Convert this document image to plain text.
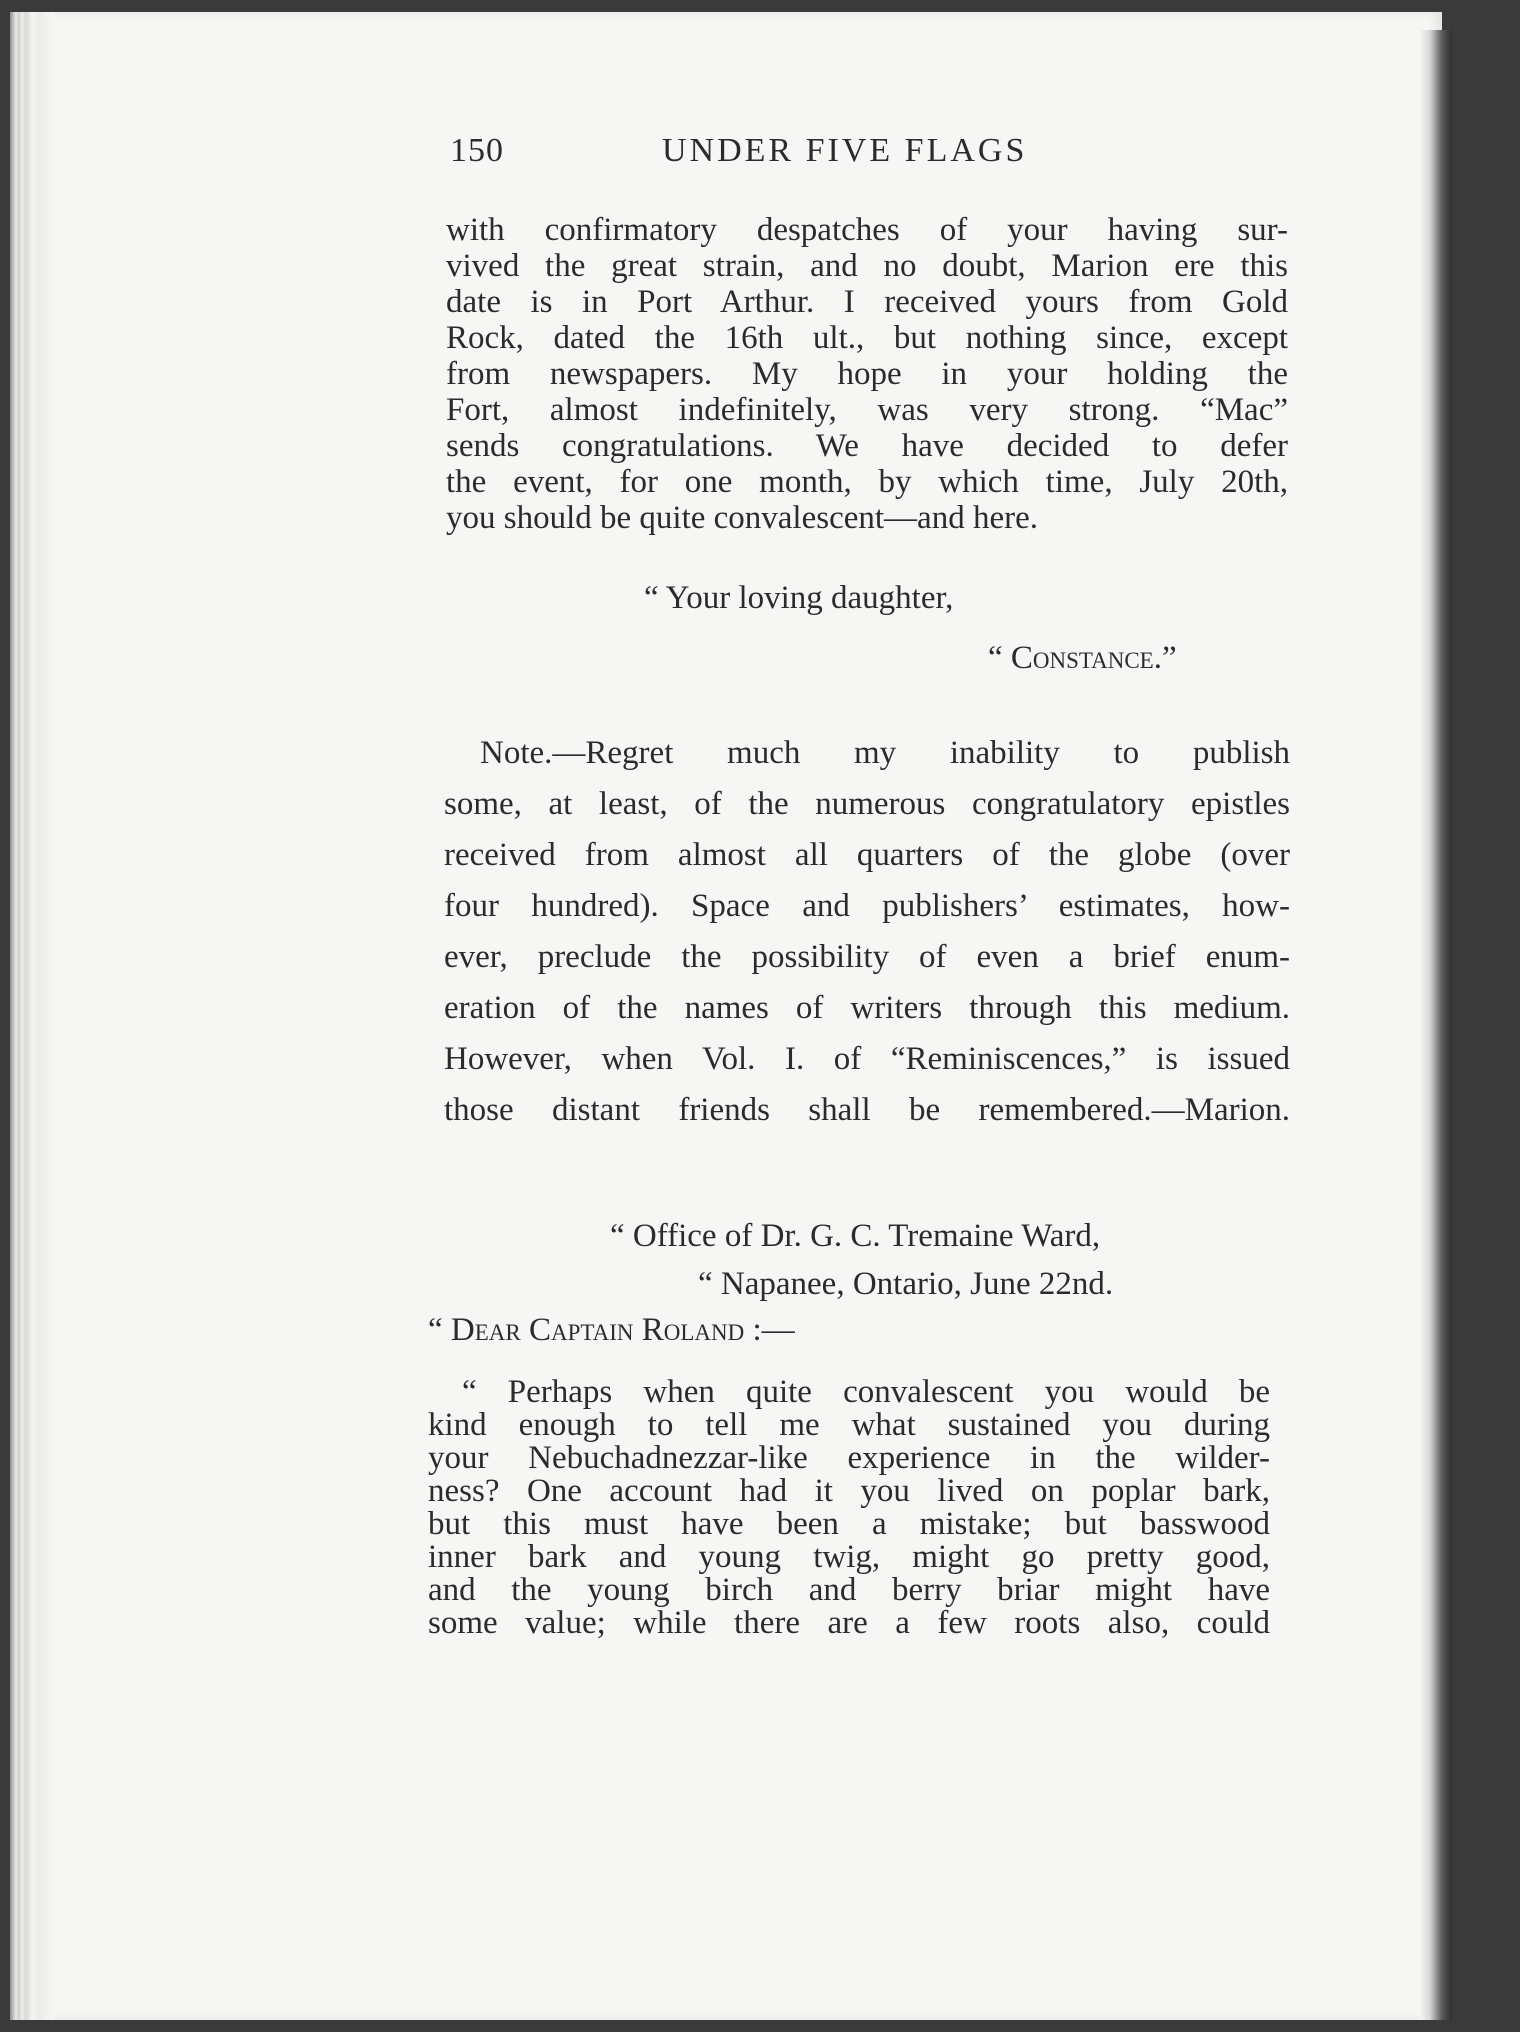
150	UNDER FIVE FLAGS
with confirmatory despatches of your having sur-
vived the great strain, and no doubt, Marion ere this
date is in Port Arthur. I received yours from Gold
Rock, dated the 16th ult., but nothing since, except
from newspapers. My hope in your holding the
Fort, almost indefinitely, was very strong. “Mac”
sends congratulations. We have decided to defer
the event, for one month, by which time, July 20th,
you should be quite convalescent—and here.
“ Your loving daughter,
“ Constance.”
Note.—Regret much my inability to publish
some, at least, of the numerous congratulatory epistles
received from almost all quarters of the globe (over
four hundred). Space and publishers’ estimates, how-
ever, preclude the possibility of even a brief enum-
eration of the names of writers through this medium.
However, when Vol. I. of “Reminiscences,” is issued
those distant friends shall be remembered.—Marion.
“ Office of Dr. G. C. Tremaine Ward,
“ Napanee, Ontario, June 22nd.
“ Dear Captain Roland :—
“ Perhaps when quite convalescent you would be
kind enough to tell me what sustained you during
your Nebuchadnezzar-like experience in the wilder-
ness? One account had it you lived on poplar bark,
but this must have been a mistake; but basswood
inner bark and young twig, might go pretty good,
and the young birch and berry briar might have
some value; while there are a few roots also, could
